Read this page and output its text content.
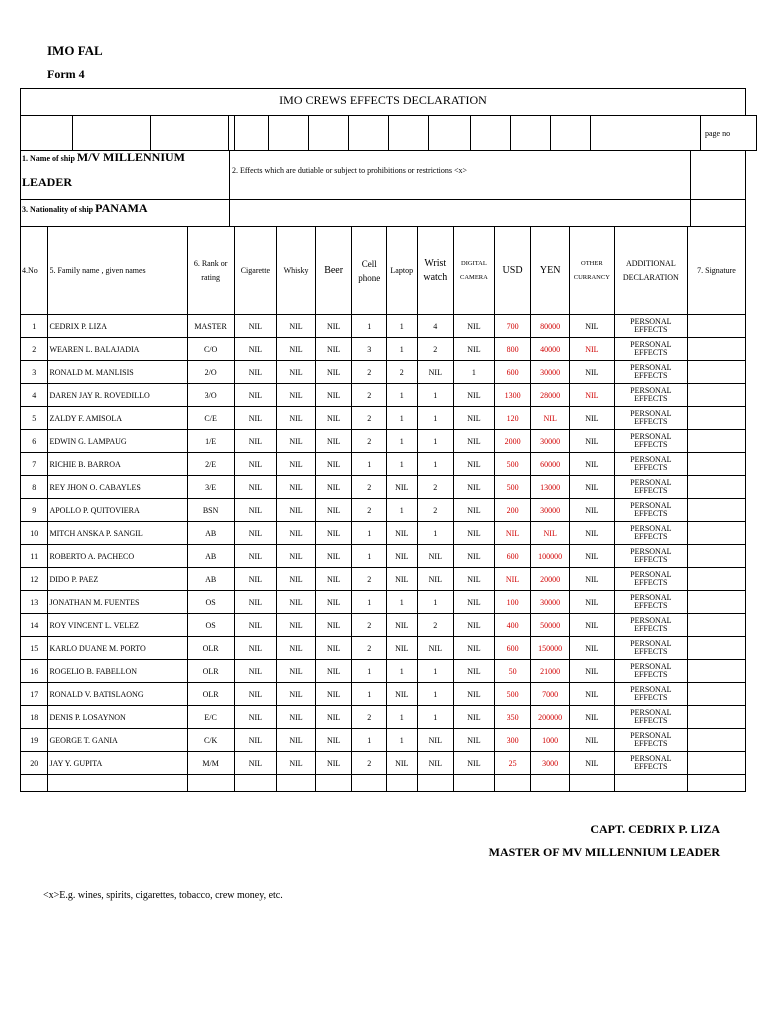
IMO FAL
Form 4
IMO CREWS EFFECTS DECLARATION
														page no
1. Name of ship M/V MILLENNIUM
LEADER
2. Effects which are dutiable or subject to prohibitions or restrictions <x>
3. Nationality of ship PANAMA
4.No	5. Family name , given names	6. Rank or rating	Cigarette	Whisky	Beer	Cell phone	Laptop	Wrist watch	DIGITAL CAMERA	USD	YEN	OTHER CURRANCY	ADDITIONAL DECLARATION	7. Signature
1	CEDRIX P. LIZA	MASTER	NIL	NIL	NIL	1	1	4	NIL	700	80000	NIL	PERSONAL EFFECTS	
2	WEAREN L. BALAJADIA	C/O	NIL	NIL	NIL	3	1	2	NIL	800	40000	NIL	PERSONAL EFFECTS	
3	RONALD M. MANLISIS	2/O	NIL	NIL	NIL	2	2	NIL	1	600	30000	NIL	PERSONAL EFFECTS	
4	DAREN JAY R. ROVEDILLO	3/O	NIL	NIL	NIL	2	1	1	NIL	1300	28000	NIL	PERSONAL EFFECTS	
5	ZALDY F. AMISOLA	C/E	NIL	NIL	NIL	2	1	1	NIL	120	NIL	NIL	PERSONAL EFFECTS	
6	EDWIN G. LAMPAUG	1/E	NIL	NIL	NIL	2	1	1	NIL	2000	30000	NIL	PERSONAL EFFECTS	
7	RICHIE B. BARROA	2/E	NIL	NIL	NIL	1	1	1	NIL	500	60000	NIL	PERSONAL EFFECTS	
8	REY JHON O. CABAYLES	3/E	NIL	NIL	NIL	2	NIL	2	NIL	500	13000	NIL	PERSONAL EFFECTS	
9	APOLLO P. QUITOVIERA	BSN	NIL	NIL	NIL	2	1	2	NIL	200	30000	NIL	PERSONAL EFFECTS	
10	MITCH ANSKA P. SANGIL	AB	NIL	NIL	NIL	1	NIL	1	NIL	NIL	NIL	NIL	PERSONAL EFFECTS	
11	ROBERTO A. PACHECO	AB	NIL	NIL	NIL	1	NIL	NIL	NIL	600	100000	NIL	PERSONAL EFFECTS	
12	DIDO P. PAEZ	AB	NIL	NIL	NIL	2	NIL	NIL	NIL	NIL	20000	NIL	PERSONAL EFFECTS	
13	JONATHAN M. FUENTES	OS	NIL	NIL	NIL	1	1	1	NIL	100	30000	NIL	PERSONAL EFFECTS	
14	ROY VINCENT L. VELEZ	OS	NIL	NIL	NIL	2	NIL	2	NIL	400	50000	NIL	PERSONAL EFFECTS	
15	KARLO DUANE M. PORTO	OLR	NIL	NIL	NIL	2	NIL	NIL	NIL	600	150000	NIL	PERSONAL EFFECTS	
16	ROGELIO B. FABELLON	OLR	NIL	NIL	NIL	1	1	1	NIL	50	21000	NIL	PERSONAL EFFECTS	
17	RONALD V. BATISLAONG	OLR	NIL	NIL	NIL	1	NIL	1	NIL	500	7000	NIL	PERSONAL EFFECTS	
18	DENIS P. LOSAYNON	E/C	NIL	NIL	NIL	2	1	1	NIL	350	200000	NIL	PERSONAL EFFECTS	
19	GEORGE T. GANIA	C/K	NIL	NIL	NIL	1	1	NIL	NIL	300	1000	NIL	PERSONAL EFFECTS	
20	JAY Y. GUPITA	M/M	NIL	NIL	NIL	2	NIL	NIL	NIL	25	3000	NIL	PERSONAL EFFECTS	

CAPT. CEDRIX P. LIZA
MASTER OF MV MILLENNIUM LEADER
<x>E.g. wines, spirits, cigarettes, tobacco, crew money, etc.
